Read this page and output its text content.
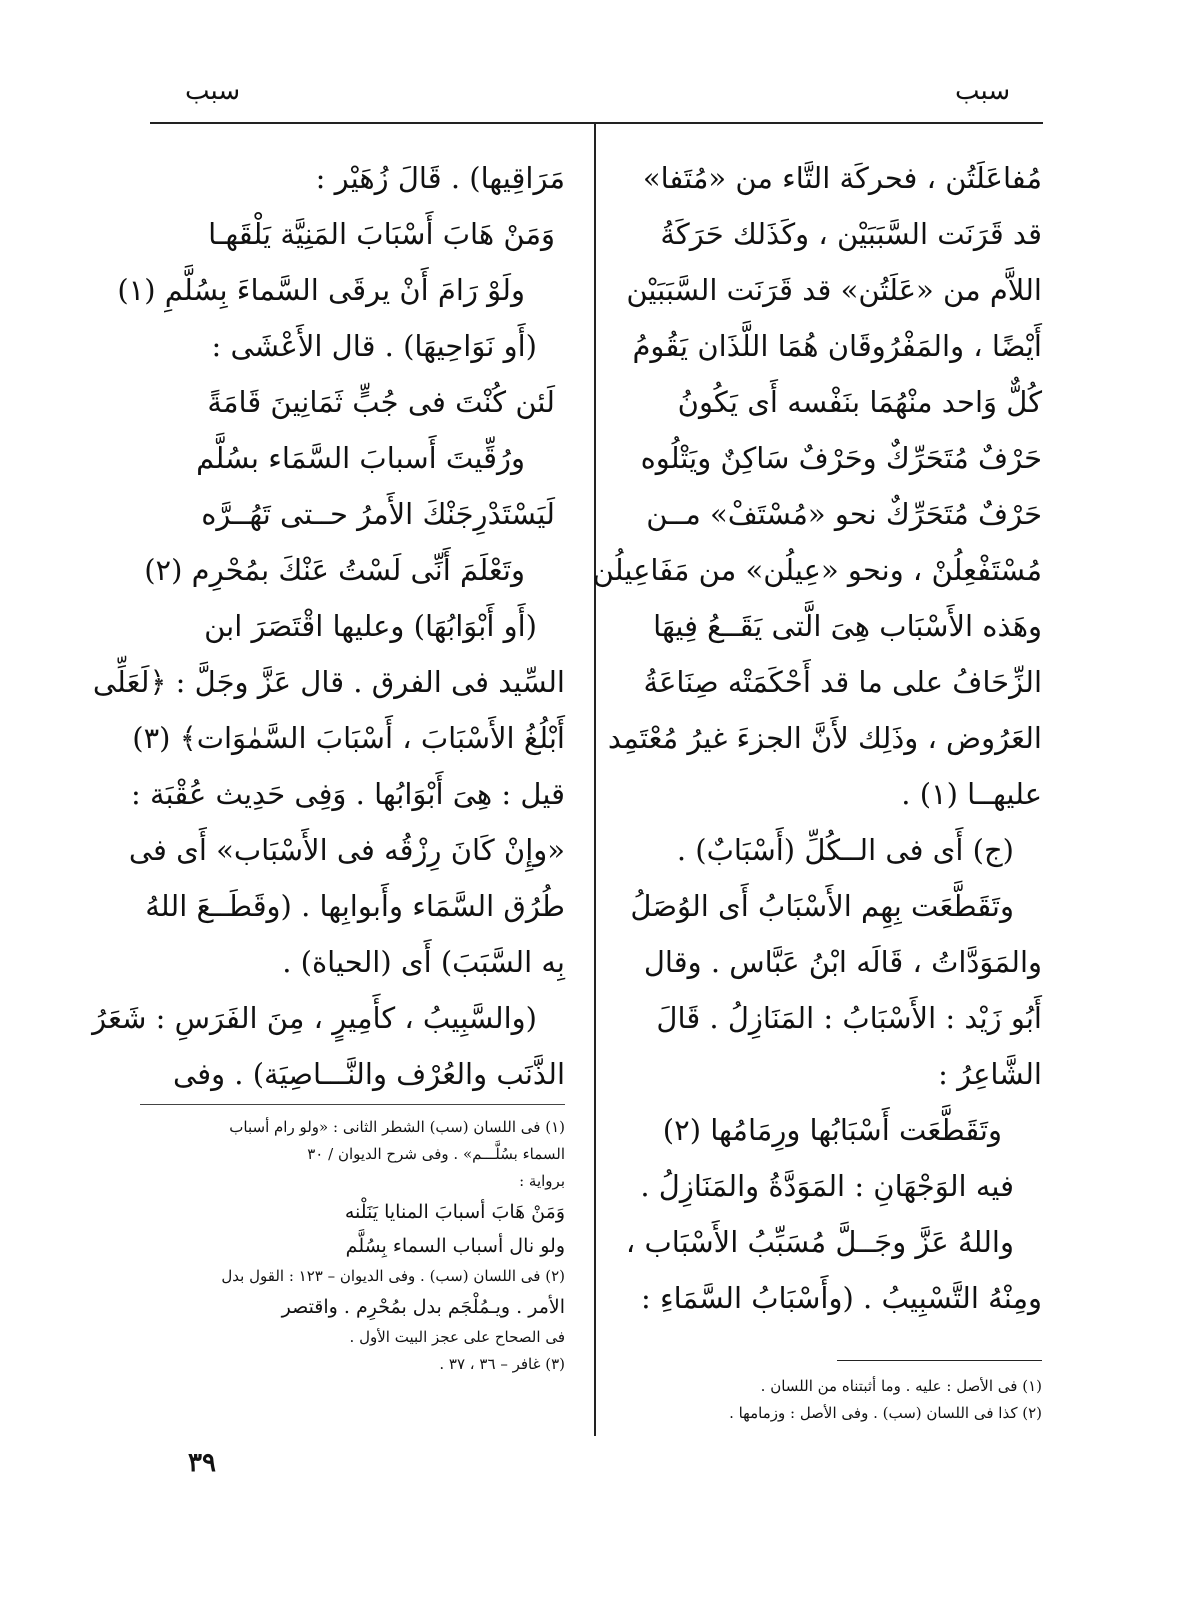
سبب
سبب
مُفاعَلَتُن ، فحركَة التَّاء من «مُتَفا»
قد قَرَنَت السَّبَبَيْن ، وكَذَلك حَرَكَةُ
اللاَّم من «عَلَتُن» قد قَرَنَت السَّبَبَيْن
أَيْضًا ، والمَفْرُوقَان هُمَا اللَّذَان يَقُومُ
كُلٌّ وَاحد منْهُمَا بنَفْسه أَى يَكُونُ
حَرْفٌ مُتَحَرِّكٌ وحَرْفٌ سَاكِنٌ ويَتْلُوه
حَرْفٌ مُتَحَرِّكٌ نحو «مُسْتَفْ» مــن
مُسْتَفْعِلُنْ ، ونحو «عِيلُن» من مَفَاعِيلُن
وهَذه الأَسْبَاب هِىَ الَّتى يَقَــعُ فِيهَا
الزِّحَافُ على ما قد أَحْكَمَتْه صِنَاعَةُ
العَرُوض ، وذَلِك لأَنَّ الجزءَ غيرُ مُعْتَمِد
عليهــا (١) .
(ج) أَى فى الــكُلِّ (أَسْبَابٌ) .
وتَقَطَّعَت بِهِم الأَسْبَابُ أَى الوُصَلُ
والمَوَدَّاتُ ، قَالَه ابْنُ عَبَّاس . وقال
أَبُو زَيْد : الأَسْبَابُ : المَنَازِلُ . قَالَ
الشَّاعِرُ :
وتَقَطَّعَت أَسْبَابُها ورِمَامُها (٢)
فيه الوَجْهَانِ : المَوَدَّةُ والمَنَازِلُ .
واللهُ عَزَّ وجَــلَّ مُسَبِّبُ الأَسْبَاب ،
ومِنْهُ التَّسْبِيبُ . (وأَسْبَابُ السَّمَاءِ :
(١) فى الأصل : عليه . وما أثبتناه من اللسان .
(٢) كذا فى اللسان (سب) . وفى الأصل : وزمامها .
مَرَاقِيها) . قَالَ زُهَيْر :
وَمَنْ هَابَ أَسْبَابَ المَنِيَّة يَلْقَهـا
ولَوْ رَامَ أَنْ يرقَى السَّماءَ بِسُلَّمِ (١)
(أَو نَوَاحِيهَا) . قال الأَعْشَى :
لَئن كُنْتَ فى جُبٍّ ثَمَانِينَ قَامَةً
ورُقِّيتَ أَسبابَ السَّمَاء بسُلَّم
لَيَسْتَدْرِجَنْكَ الأَمرُ حــتى تَهُــرَّه
وتَعْلَمَ أَنِّى لَسْتُ عَنْكَ بمُحْرِم (٢)
(أَو أَبْوَابُهَا) وعليها اقْتَصَرَ ابن
السِّيد فى الفرق . قال عَزَّ وجَلَّ : ﴿لَعَلِّى
أَبْلُغُ الأَسْبَابَ ، أَسْبَابَ السَّمٰوَات﴾ (٣)
قيل : هِىَ أَبْوَابُها . وَفِى حَدِيث عُقْبَة :
«وإِنْ كَانَ رِزْقُه فى الأَسْبَاب» أَى فى
طُرُق السَّمَاء وأَبوابِها . (وقَطَــعَ اللهُ
بِه السَّبَبَ) أَى (الحياة) .
(والسَّبِيبُ ، كأَمِيرٍ ، مِنَ الفَرَسِ : شَعَرُ
الذَّنَب والعُرْف والنَّـــاصِيَة) . وفى
(١) فى اللسان (سب) الشطر الثانى : «ولو رام أسباب
السماء بسُلَّـــم» . وفى شرح الديوان / ٣٠
برواية :
وَمَنْ هَابَ أسبابَ المنايا يَنَلْنه
ولو نال أسباب السماء بِسُلَّم
(٢) فى اللسان (سب) . وفى الديوان – ١٢٣ : القول بدل
الأمر . ويـمُلْجَم بدل بمُحْرِم . واقتصر
فى الصحاح على عجز البيت الأول .
(٣) غافر – ٣٦ ، ٣٧ .
٣٩
